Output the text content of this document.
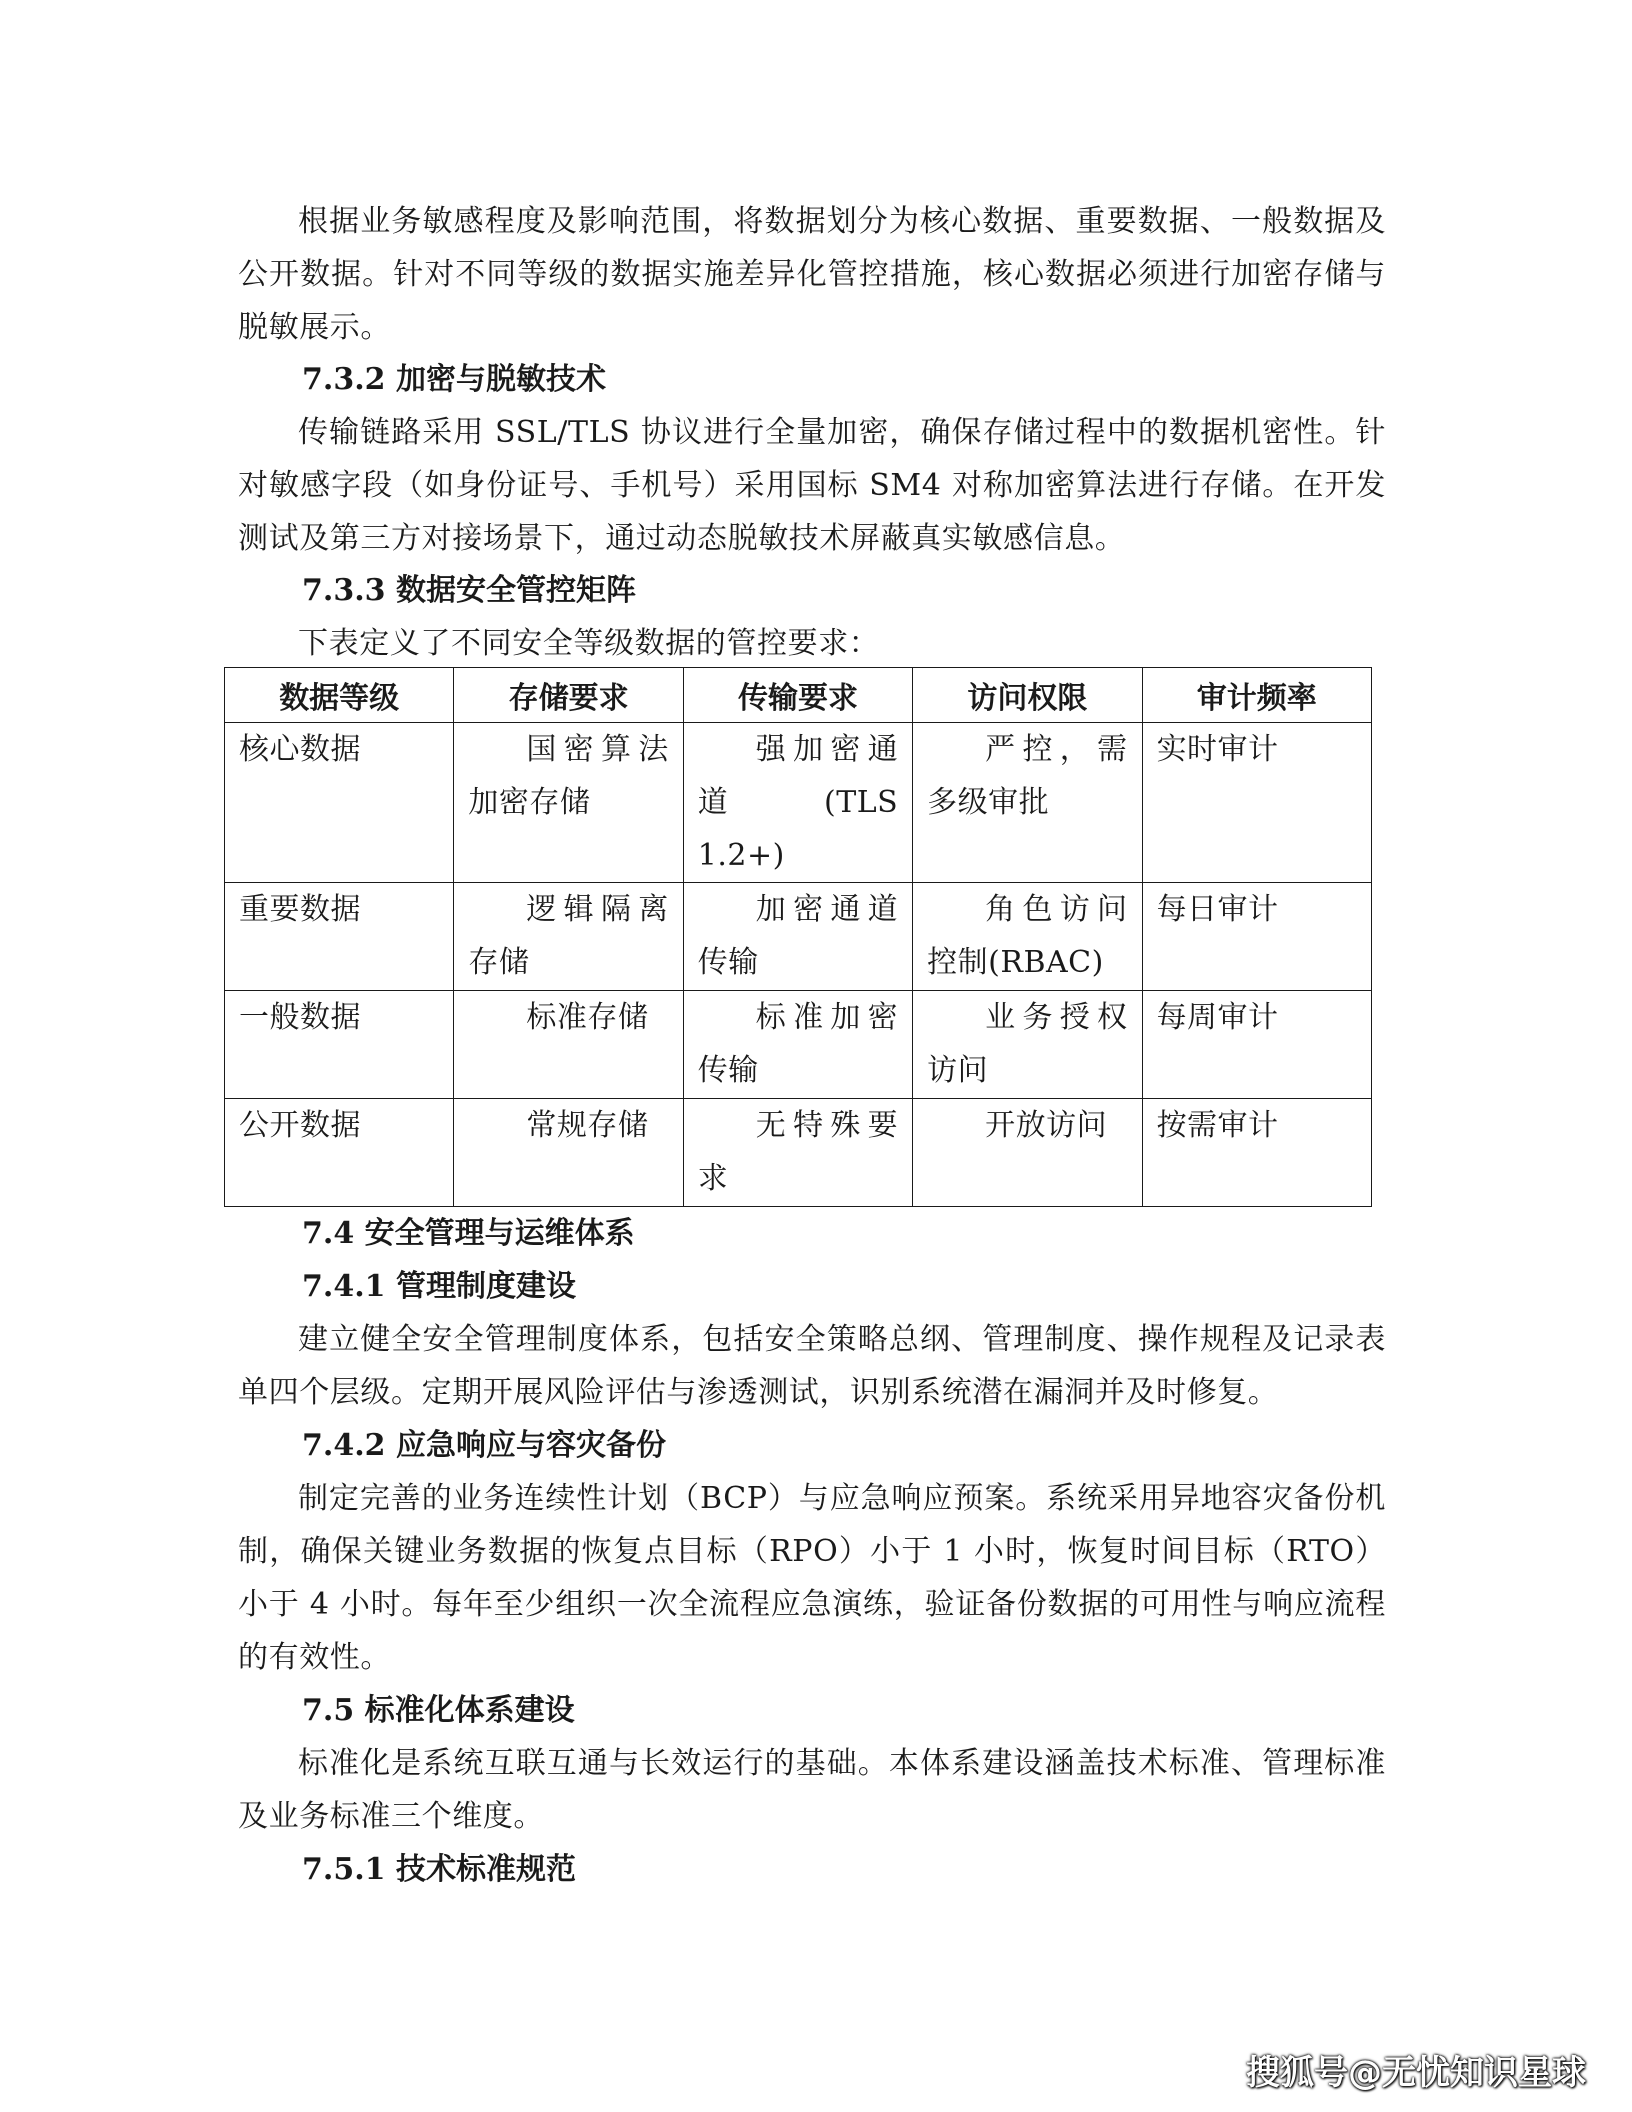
根据业务敏感程度及影响范围，将数据划分为核心数据、重要数据、一般数据及公开数据。针对不同等级的数据实施差异化管控措施，核心数据必须进行加密存储与脱敏展示。

7.3.2 加密与脱敏技术

传输链路采用 SSL/TLS 协议进行全量加密，确保存储过程中的数据机密性。针对敏感字段（如身份证号、手机号）采用国标 SM4 对称加密算法进行存储。在开发测试及第三方对接场景下，通过动态脱敏技术屏蔽真实敏感信息。

7.3.3 数据安全管控矩阵

下表定义了不同安全等级数据的管控要求：

数据等级	存储要求	传输要求	访问权限	审计频率

核心数据	国密算法加密存储	强加密通道(TLS 1.2+)	严控，需多级审批	实时审计

重要数据	逻辑隔离存储	加密通道传输	角色访问控制(RBAC)	每日审计

一般数据	标准存储	标准加密传输	业务授权访问	每周审计

公开数据	常规存储	无特殊要求	开放访问	按需审计
7.4 安全管理与运维体系
7.4.1 管理制度建设

建立健全安全管理制度体系，包括安全策略总纲、管理制度、操作规程及记录表单四个层级。定期开展风险评估与渗透测试，识别系统潜在漏洞并及时修复。

7.4.2 应急响应与容灾备份

制定完善的业务连续性计划（BCP）与应急响应预案。系统采用异地容灾备份机制，确保关键业务数据的恢复点目标（RPO）小于 1 小时，恢复时间目标（RTO）小于 4 小时。每年至少组织一次全流程应急演练，验证备份数据的可用性与响应流程的有效性。

7.5 标准化体系建设

标准化是系统互联互通与长效运行的基础。本体系建设涵盖技术标准、管理标准及业务标准三个维度。

7.5.1 技术标准规范
搜狐号@无忧知识星球
